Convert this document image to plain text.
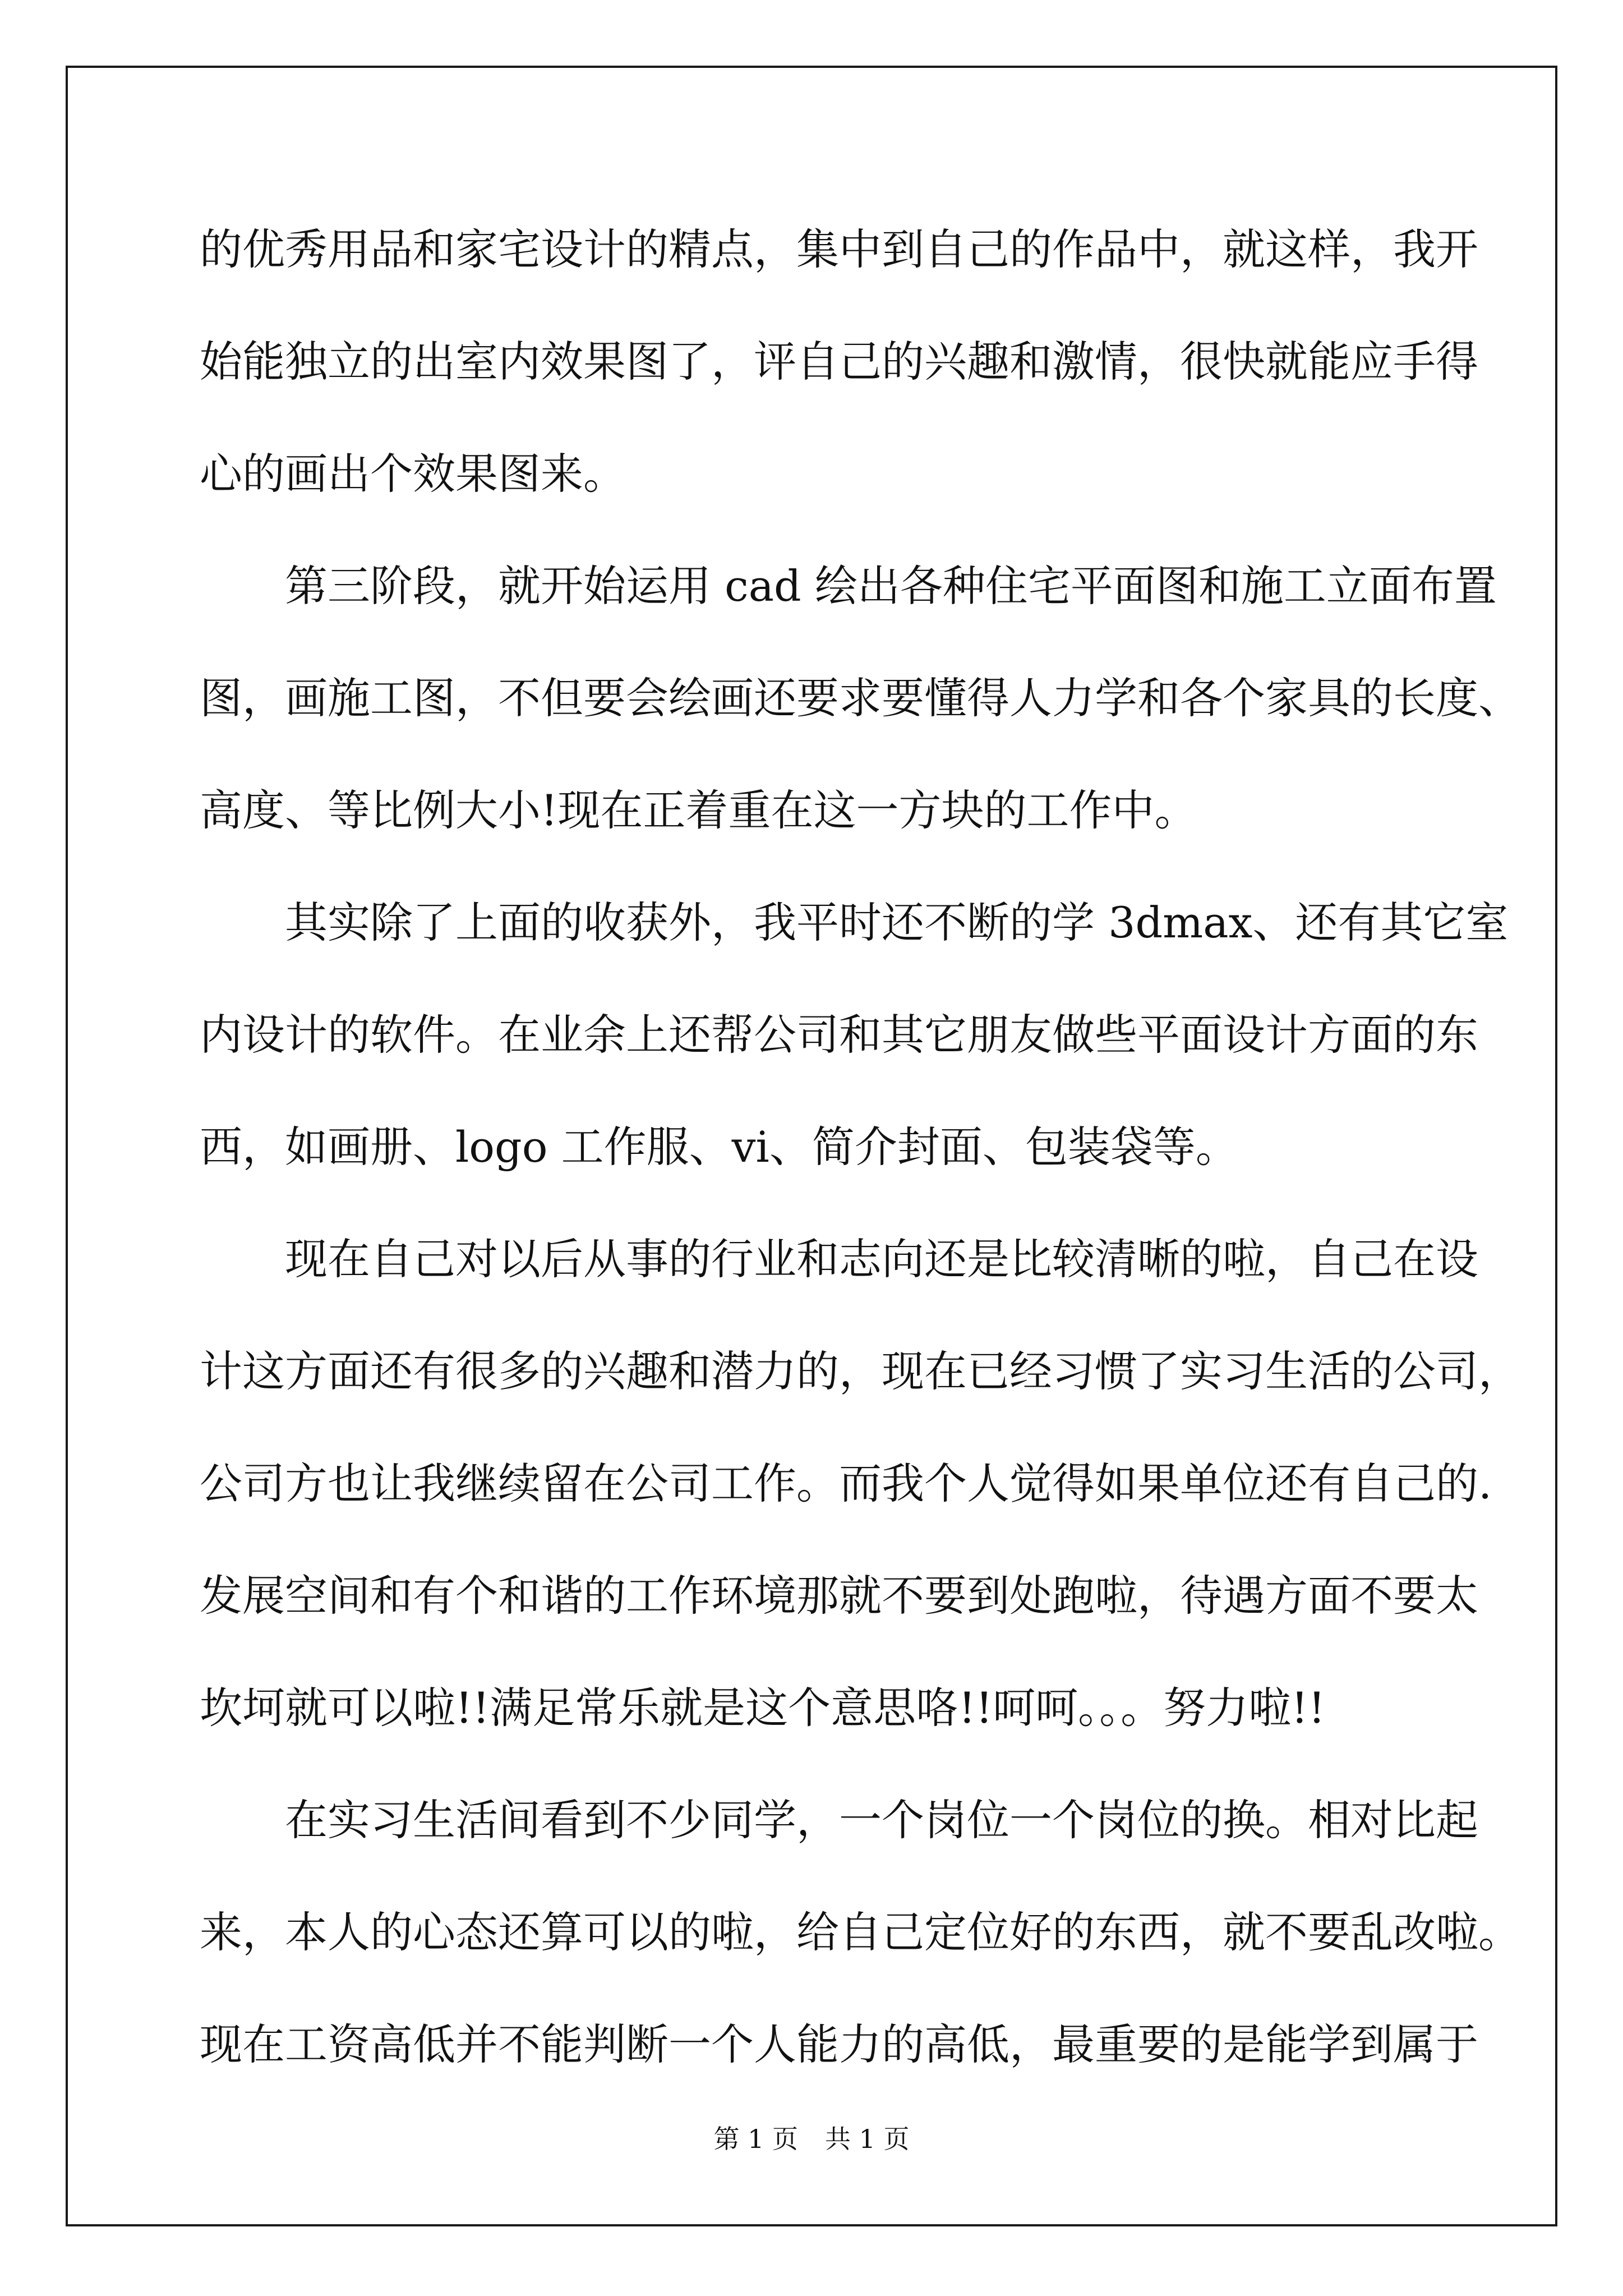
的优秀用品和家宅设计的精点，集中到自己的作品中，就这样，我开
始能独立的出室内效果图了，评自己的兴趣和激情，很快就能应手得
心的画出个效果图来。
第三阶段，就开始运用 cad 绘出各种住宅平面图和施工立面布置
图，画施工图，不但要会绘画还要求要懂得人力学和各个家具的长度、
高度、等比例大小!现在正着重在这一方块的工作中。
其实除了上面的收获外，我平时还不断的学 3dmax、还有其它室
内设计的软件。在业余上还帮公司和其它朋友做些平面设计方面的东
西，如画册、logo 工作服、vi、简介封面、包装袋等。
现在自己对以后从事的行业和志向还是比较清晰的啦，自己在设
计这方面还有很多的兴趣和潜力的，现在已经习惯了实习生活的公司，
公司方也让我继续留在公司工作。而我个人觉得如果单位还有自己的.
发展空间和有个和谐的工作环境那就不要到处跑啦，待遇方面不要太
坎坷就可以啦!!满足常乐就是这个意思咯!!呵呵。。。努力啦!!
在实习生活间看到不少同学，一个岗位一个岗位的换。相对比起
来，本人的心态还算可以的啦，给自己定位好的东西，就不要乱改啦。
现在工资高低并不能判断一个人能力的高低，最重要的是能学到属于
第 1 页 共 1 页
